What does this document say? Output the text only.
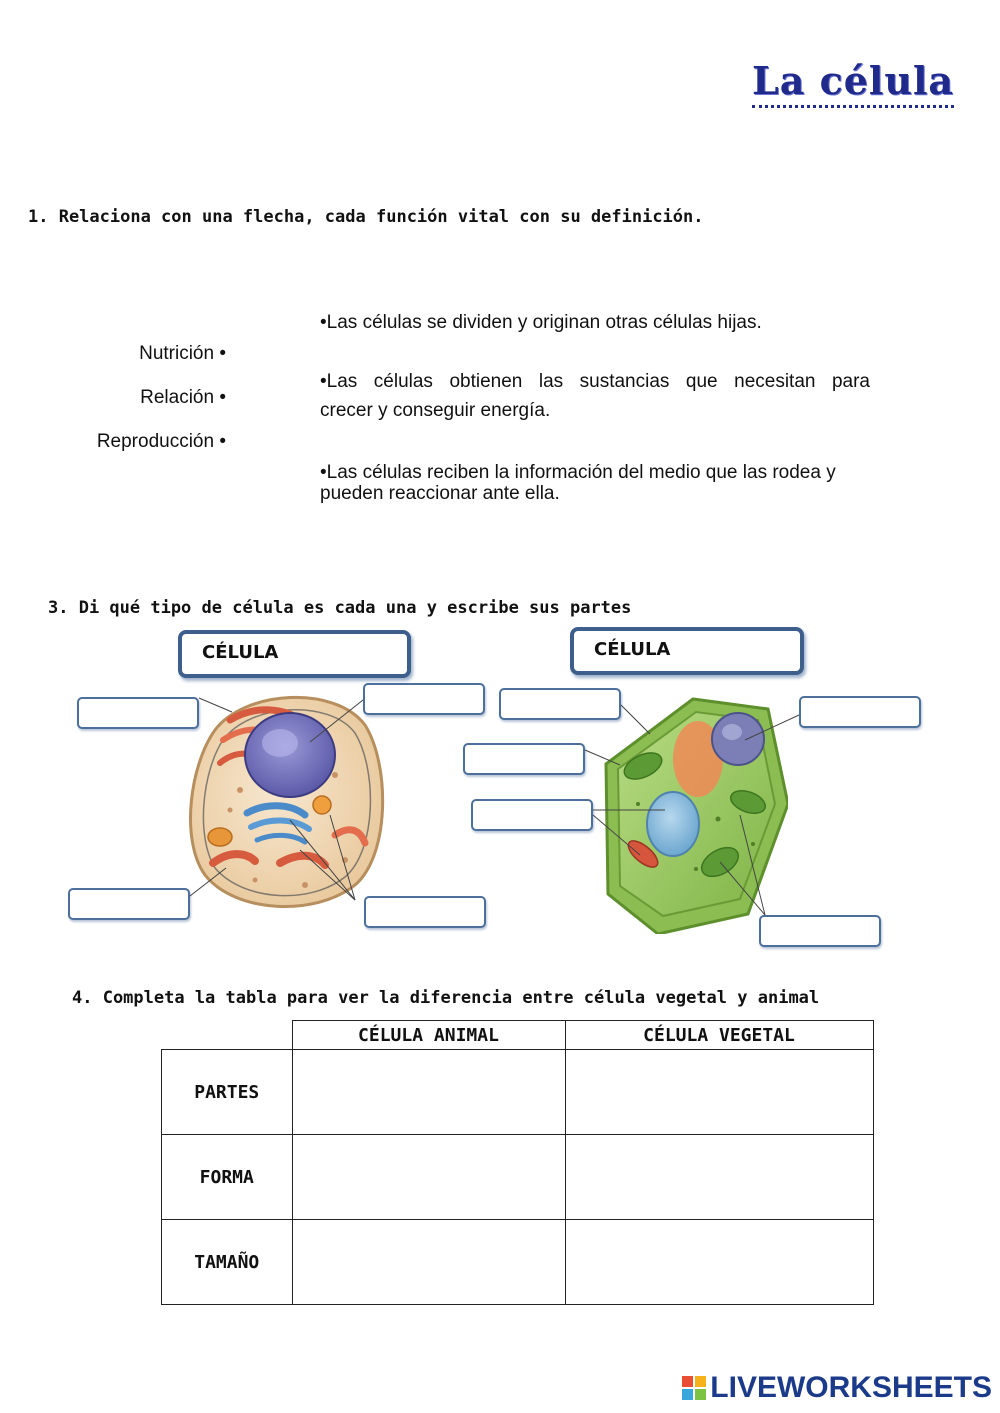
La célula
1. Relaciona con una flecha, cada función vital con su definición.
Nutrición •
Relación •
Reproducción •
•Las células se dividen y originan otras células hijas.
•Las células obtienen las sustancias que necesitan para
crecer y conseguir energía.
•Las células reciben la información del medio que las rodea y
pueden reaccionar ante ella.
3. Di qué tipo de célula es cada una y escribe sus partes
CÉLULA	CÉLULA
4. Completa la tabla para ver la diferencia entre célula vegetal y animal
	CÉLULA ANIMAL	CÉLULA VEGETAL
PARTES		
FORMA		
TAMAÑO		
LIVEWORKSHEETS
